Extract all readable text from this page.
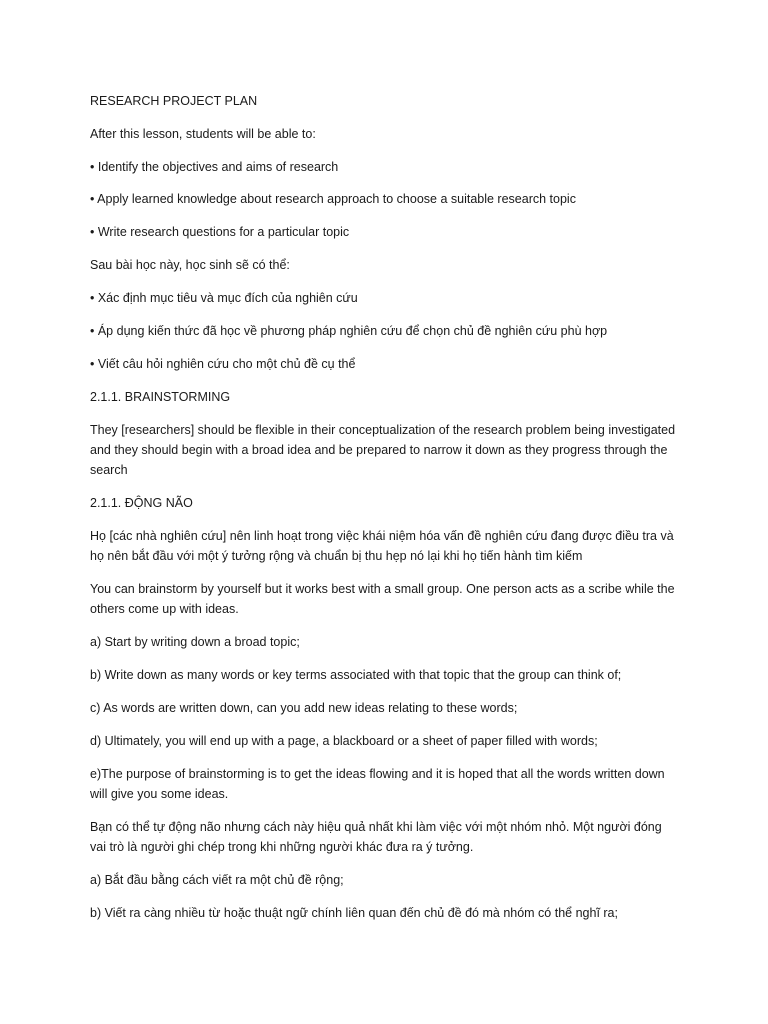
RESEARCH PROJECT PLAN

After this lesson, students will be able to:

• Identify the objectives and aims of research

• Apply learned knowledge about research approach to choose a suitable research topic

• Write research questions for a particular topic

Sau bài học này, học sinh sẽ có thể:

• Xác định mục tiêu và mục đích của nghiên cứu

• Áp dụng kiến thức đã học về phương pháp nghiên cứu để chọn chủ đề nghiên cứu phù hợp

• Viết câu hỏi nghiên cứu cho một chủ đề cụ thể

2.1.1. BRAINSTORMING

They [researchers] should be flexible in their conceptualization of the research problem being investigated and they should begin with a broad idea and be prepared to narrow it down as they progress through the search

2.1.1. ĐỘNG NÃO

Họ [các nhà nghiên cứu] nên linh hoạt trong việc khái niệm hóa vấn đề nghiên cứu đang được điều tra và họ nên bắt đầu với một ý tưởng rộng và chuẩn bị thu hẹp nó lại khi họ tiến hành tìm kiếm

You can brainstorm by yourself but it works best with a small group. One person acts as a scribe while the others come up with ideas.

a) Start by writing down a broad topic;

b) Write down as many words or key terms associated with that topic that the group can think of;

c) As words are written down, can you add new ideas relating to these words;

d) Ultimately, you will end up with a page, a blackboard or a sheet of paper filled with words;

e)The purpose of brainstorming is to get the ideas flowing and it is hoped that all the words written down will give you some ideas.

Bạn có thể tự động não nhưng cách này hiệu quả nhất khi làm việc với một nhóm nhỏ. Một người đóng vai trò là người ghi chép trong khi những người khác đưa ra ý tưởng.

a) Bắt đầu bằng cách viết ra một chủ đề rộng;

b) Viết ra càng nhiều từ hoặc thuật ngữ chính liên quan đến chủ đề đó mà nhóm có thể nghĩ ra;
